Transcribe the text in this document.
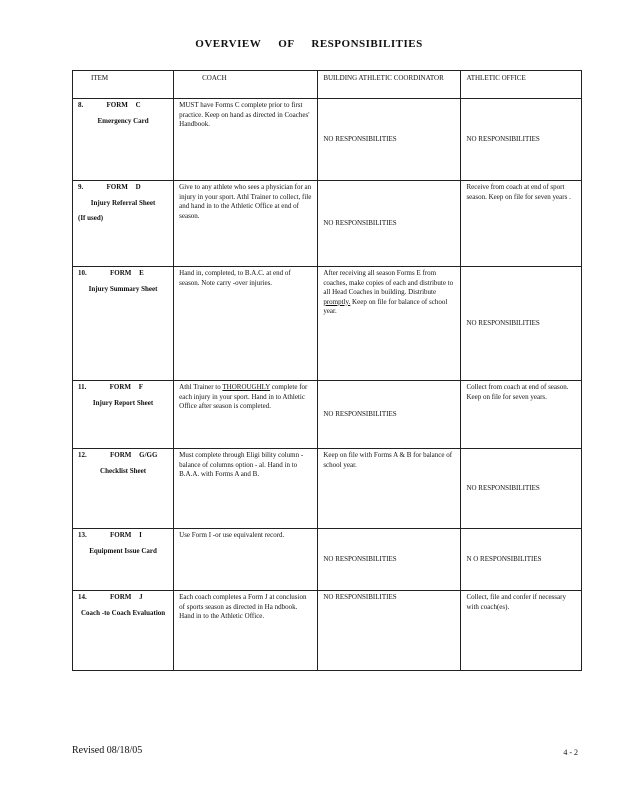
OVERVIEW OF RESPONSIBILITIES
ITEM	COACH	BUILDING ATHLETIC COORDINATOR	ATHLETIC OFFICE
8. FORM C
Emergency Card	MUST have Forms C complete prior to first practice. Keep on hand as directed in Coaches' Handbook.	NO RESPONSIBILITIES	NO RESPONSIBILITIES
9. FORM D
Injury Referral Sheet
(If used)	Give to any athlete who sees a physician for an injury in your sport. Athl Trainer to collect, file and hand in to the Athletic Office at end of season.	NO RESPONSIBILITIES	Receive from coach at end of sport season. Keep on file for seven years .
10. FORM E
Injury Summary Sheet	Hand in, completed, to B.A.C. at end of season. Note carry -over injuries.	After receiving all season Forms E from coaches, make copies of each and distribute to all Head Coaches in building. Distribute promptly. Keep on file for balance of school year.	NO RESPONSIBILITIES
11. FORM F
Injury Report Sheet	Athl Trainer to THOROUGHLY complete for each injury in your sport. Hand in to Athletic Office after season is completed.	NO RESPONSIBILITIES	Collect from coach at end of season. Keep on file for seven years.
12. FORM G/GG
Checklist Sheet	Must complete through Eligi bility column - balance of columns option - al. Hand in to B.A.A. with Forms A and B.	Keep on file with Forms A & B for balance of school year.	NO RESPONSIBILITIES
13. FORM I
Equipment Issue Card	Use Form I -or use equivalent record.	NO RESPONSIBILITIES	N O RESPONSIBILITIES
14. FORM J
Coach -to Coach Evaluation	Each coach completes a Form J at conclusion of sports season as directed in Ha ndbook. Hand in to the Athletic Office.	NO RESPONSIBILITIES	Collect, file and confer if necessary with coach(es).
Revised 08/18/05	4 - 2
